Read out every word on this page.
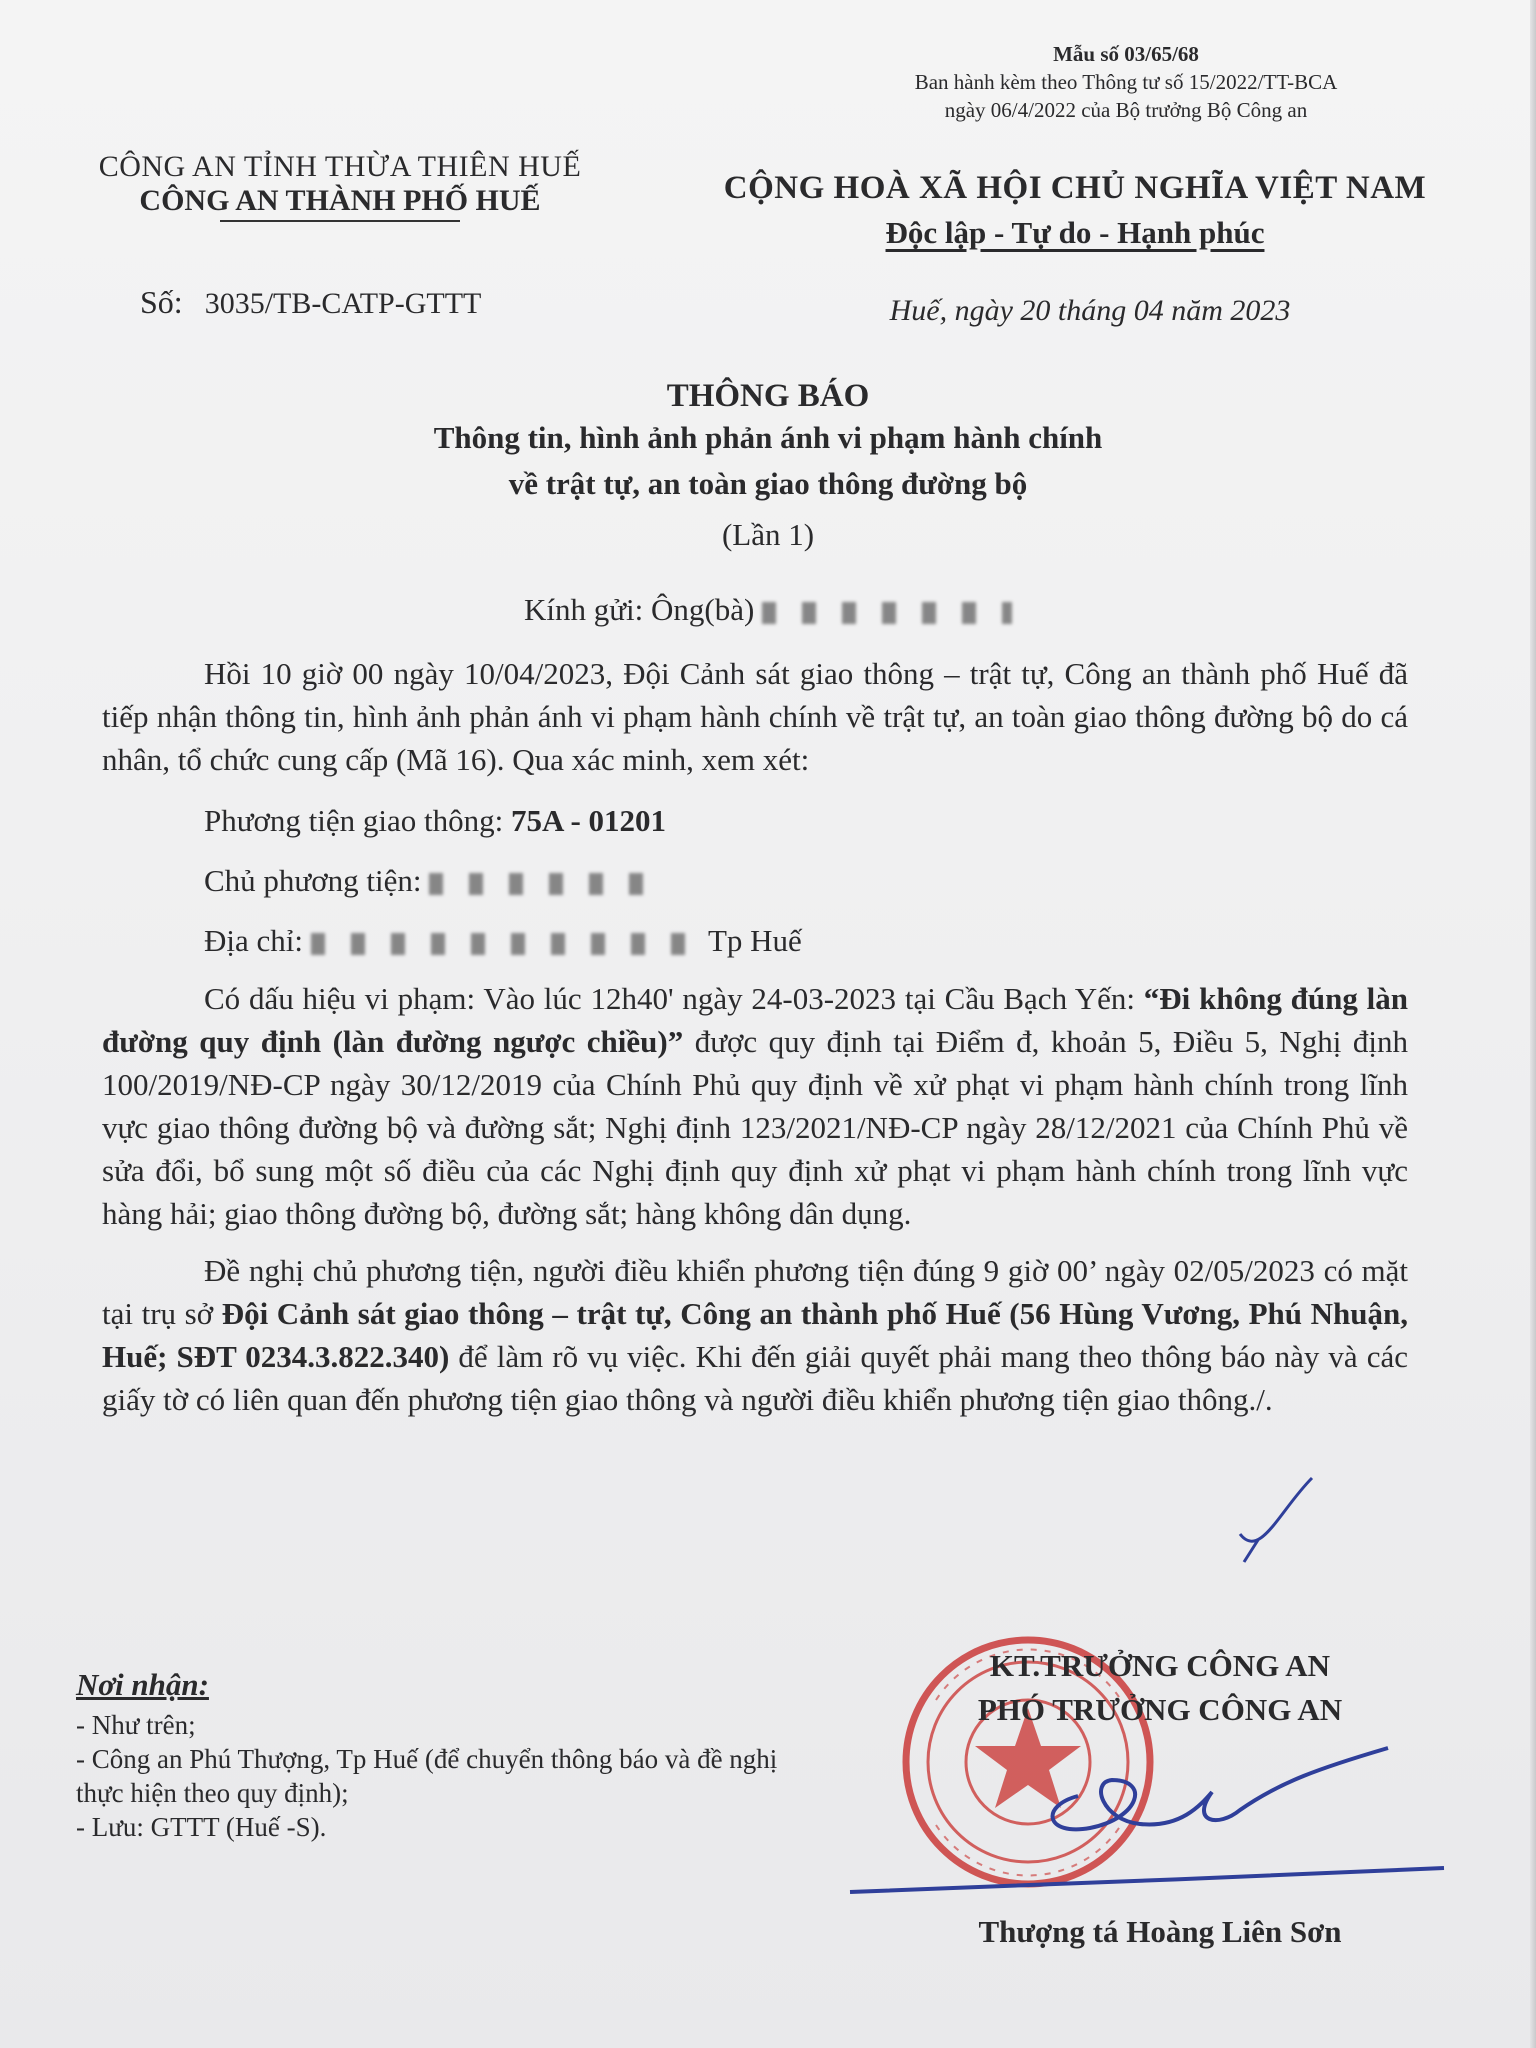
Mẫu số 03/65/68
Ban hành kèm theo Thông tư số 15/2022/TT-BCA
ngày 06/4/2022 của Bộ trưởng Bộ Công an
CÔNG AN TỈNH THỪA THIÊN HUẾ
CÔNG AN THÀNH PHỐ HUẾ
Số: 3035/TB-CATP-GTTT
CỘNG HOÀ XÃ HỘI CHỦ NGHĨA VIỆT NAM
Độc lập - Tự do - Hạnh phúc
Huế, ngày 20 tháng 04 năm 2023
THÔNG BÁO
Thông tin, hình ảnh phản ánh vi phạm hành chính
về trật tự, an toàn giao thông đường bộ
(Lần 1)
Kính gửi: Ông(bà)

Hồi 10 giờ 00 ngày 10/04/2023, Đội Cảnh sát giao thông – trật tự, Công an thành phố Huế đã tiếp nhận thông tin, hình ảnh phản ánh vi phạm hành chính về trật tự, an toàn giao thông đường bộ do cá nhân, tổ chức cung cấp (Mã 16). Qua xác minh, xem xét:

Phương tiện giao thông: 75A - 01201
Chủ phương tiện:
Địa chỉ:	Tp Huế

Có dấu hiệu vi phạm: Vào lúc 12h40' ngày 24-03-2023 tại Cầu Bạch Yến: “Đi không đúng làn đường quy định (làn đường ngược chiều)” được quy định tại Điểm đ, khoản 5, Điều 5, Nghị định 100/2019/NĐ-CP ngày 30/12/2019 của Chính Phủ quy định về xử phạt vi phạm hành chính trong lĩnh vực giao thông đường bộ và đường sắt; Nghị định 123/2021/NĐ-CP ngày 28/12/2021 của Chính Phủ về sửa đổi, bổ sung một số điều của các Nghị định quy định xử phạt vi phạm hành chính trong lĩnh vực hàng hải; giao thông đường bộ, đường sắt; hàng không dân dụng.

Đề nghị chủ phương tiện, người điều khiển phương tiện đúng 9 giờ 00’ ngày 02/05/2023 có mặt tại trụ sở Đội Cảnh sát giao thông – trật tự, Công an thành phố Huế (56 Hùng Vương, Phú Nhuận, Huế; SĐT 0234.3.822.340) để làm rõ vụ việc. Khi đến giải quyết phải mang theo thông báo này và các giấy tờ có liên quan đến phương tiện giao thông và người điều khiển phương tiện giao thông./.

Nơi nhận:
- Như trên;
- Công an Phú Thượng, Tp Huế (để chuyển thông báo và đề nghị thực hiện theo quy định);
- Lưu: GTTT (Huế -S).
KT.TRƯỞNG CÔNG AN
PHÓ TRƯỞNG CÔNG AN
Thượng tá Hoàng Liên Sơn
